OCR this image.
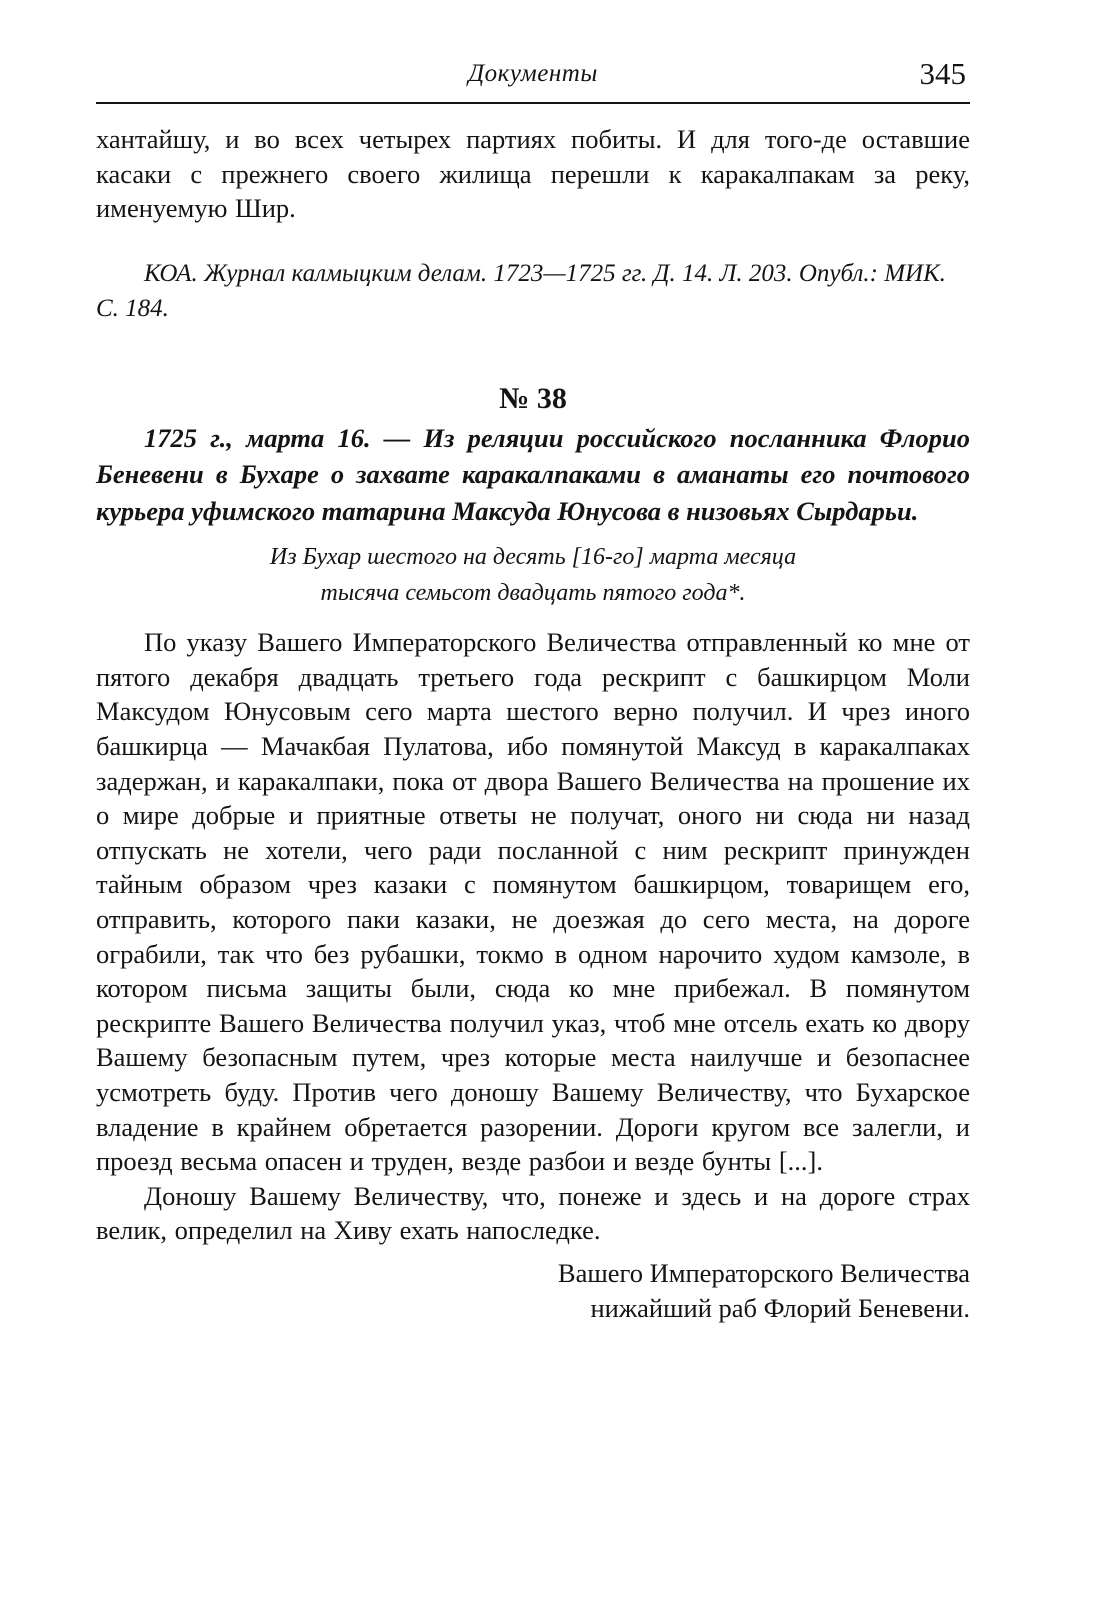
Документы	345

хантайшу, и во всех четырех партиях побиты. И для того-де оставшие касаки с прежнего своего жилища перешли к каракалпакам за реку, именуемую Шир.

КОА. Журнал калмыцким делам. 1723—1725 гг. Д. 14. Л. 203. Опубл.: МИК. С. 184.

№ 38

1725 г., марта 16. — Из реляции российского посланника Флорио Беневени в Бухаре о захвате каракалпаками в аманаты его почтового курьера уфимского татарина Максуда Юнусова в низовьях Сырдарьи.

Из Бухар шестого на десять [16-го] марта месяца
тысяча семьсот двадцать пятого года*.

По указу Вашего Императорского Величества отправленный ко мне от пятого декабря двадцать третьего года рескрипт с башкирцом Моли Максудом Юнусовым сего марта шестого верно получил. И чрез иного башкирца — Мачакбая Пулатова, ибо помянутой Максуд в каракалпаках задержан, и каракалпаки, пока от двора Вашего Величества на прошение их о мире добрые и приятные ответы не получат, оного ни сюда ни назад отпускать не хотели, чего ради посланной с ним рескрипт принужден тайным образом чрез казаки с помянутом башкирцом, товарищем его, отправить, которого паки казаки, не доезжая до сего места, на дороге ограбили, так что без рубашки, токмо в одном нарочито худом камзоле, в котором письма защиты были, сюда ко мне прибежал. В помянутом рескрипте Вашего Величества получил указ, чтоб мне отсель ехать ко двору Вашему безопасным путем, чрез которые места наилучше и безопаснее усмотреть буду. Против чего доношу Вашему Величеству, что Бухарское владение в крайнем обретается разорении. Дороги кругом все залегли, и проезд весьма опасен и труден, везде разбои и везде бунты [...].

Доношу Вашему Величеству, что, понеже и здесь и на дороге страх велик, определил на Хиву ехать напоследке.

Вашего Императорского Величества
нижайший раб Флорий Беневени.
